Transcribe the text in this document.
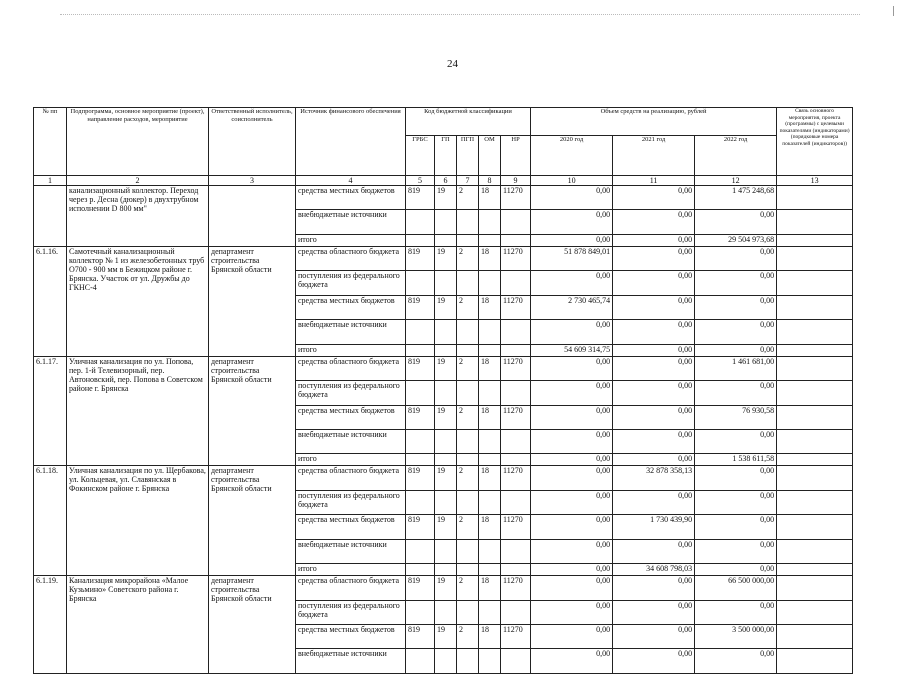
24
№ пп	Подпрограмма, основное мероприятие (проект), направление расходов, мероприятие	Ответственный исполнитель, соисполнитель	Источник финансового обеспечения	Код бюджетной классификации					Объем средств на реализацию, рублей			Связь основного мероприятия, проекта (программы) с целевыми показателями (индикаторами) (порядковые номера показателей (индикаторов))
				ГРБС	ГП	ПГП	ОМ	НР	2020 год	2021 год	2022 год	
1	2	3	4	5	6	7	8	9	10	11	12	13
	канализационный коллектор. Переход через р. Десна (дюкер) в двухтрубном исполнении D 800 мм"		средства местных бюджетов	819	19	2	18	11270	0,00	0,00	1 475 248,68	
			внебюджетные источники						0,00	0,00	0,00	
			итого						0,00	0,00	29 504 973,68	
6.1.16.	Самотечный канализационный коллектор № 1 из железобетонных труб О700 - 900 мм в Бежицком районе г. Брянска. Участок от ул. Дружбы до ГКНС-4	департамент строительства Брянской области	средства областного бюджета	819	19	2	18	11270	51 878 849,01	0,00	0,00	
			поступления из федерального бюджета						0,00	0,00	0,00	
			средства местных бюджетов	819	19	2	18	11270	2 730 465,74	0,00	0,00	
			внебюджетные источники						0,00	0,00	0,00	
			итого						54 609 314,75	0,00	0,00	
6.1.17.	Уличная канализация по ул. Попова, пер. 1-й Телевизорный, пер. Автоновский, пер. Попова в Советском районе г. Брянска	департамент строительства Брянской области	средства областного бюджета	819	19	2	18	11270	0,00	0,00	1 461 681,00	
			поступления из федерального бюджета						0,00	0,00	0,00	
			средства местных бюджетов	819	19	2	18	11270	0,00	0,00	76 930,58	
			внебюджетные источники						0,00	0,00	0,00	
			итого						0,00	0,00	1 538 611,58	
6.1.18.	Уличная канализация по ул. Щербакова, ул. Кольцевая, ул. Славянская в Фокинском районе г. Брянска	департамент строительства Брянской области	средства областного бюджета	819	19	2	18	11270	0,00	32 878 358,13	0,00	
			поступления из федерального бюджета						0,00	0,00	0,00	
			средства местных бюджетов	819	19	2	18	11270	0,00	1 730 439,90	0,00	
			внебюджетные источники						0,00	0,00	0,00	
			итого						0,00	34 608 798,03	0,00	
6.1.19.	Канализация микрорайона «Малое Кузьмино» Советского района г. Брянска	департамент строительства Брянской области	средства областного бюджета	819	19	2	18	11270	0,00	0,00	66 500 000,00	
			поступления из федерального бюджета						0,00	0,00	0,00	
			средства местных бюджетов	819	19	2	18	11270	0,00	0,00	3 500 000,00	
			внебюджетные источники						0,00	0,00	0,00	
